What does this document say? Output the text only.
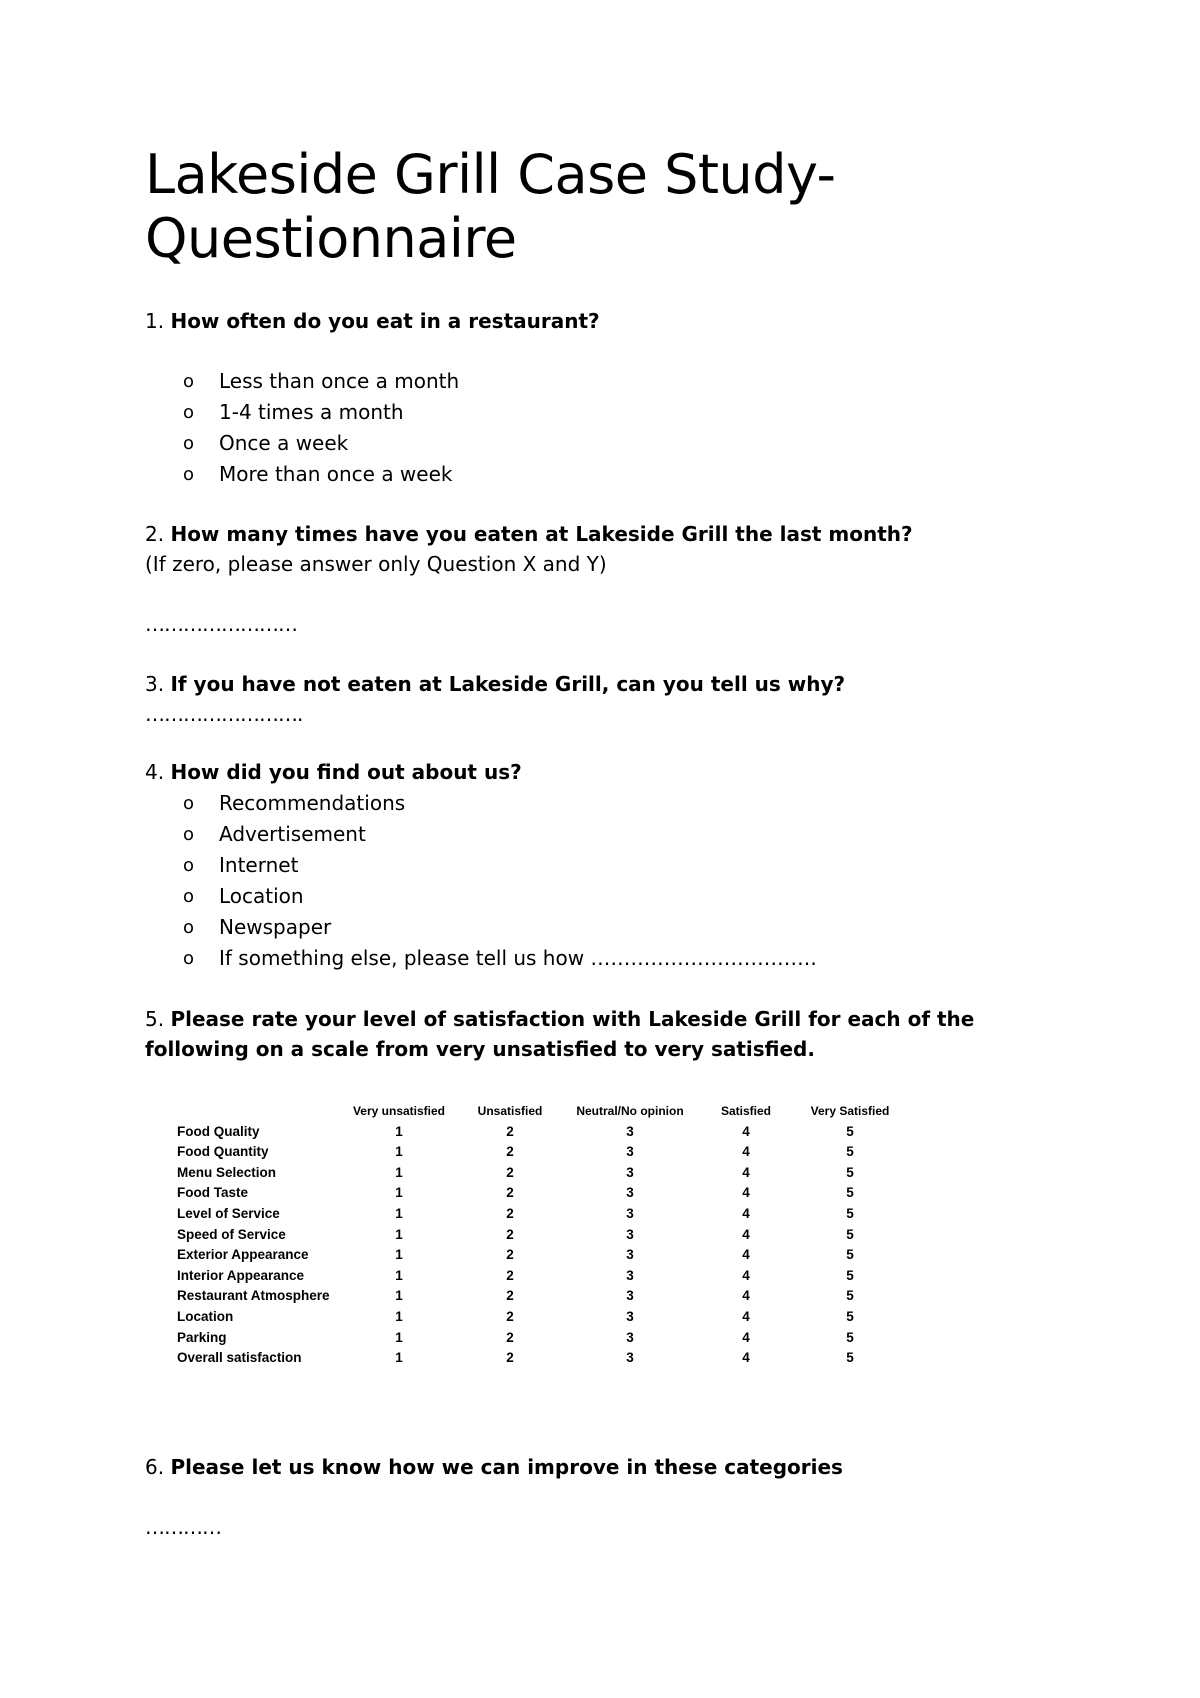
Lakeside Grill Case Study-Questionnaire
1. How often do you eat in a restaurant?
o Less than once a month
o 1-4 times a month
o Once a week
o More than once a week
2. How many times have you eaten at Lakeside Grill the last month?
(If zero, please answer only Question X and Y)
……………………
3. If you have not eaten at Lakeside Grill, can you tell us why?
…………………….
4. How did you find out about us?
o Recommendations
o Advertisement
o Internet
o Location
o Newspaper
o If something else, please tell us how …………………………….
5. Please rate your level of satisfaction with Lakeside Grill for each of the following on a scale from very unsatisfied to very satisfied.
	Very unsatisfied	Unsatisfied	Neutral/No opinion	Satisfied	Very Satisfied
Food Quality	1	2	3	4	5
Food Quantity	1	2	3	4	5
Menu Selection	1	2	3	4	5
Food Taste	1	2	3	4	5
Level of Service	1	2	3	4	5
Speed of Service	1	2	3	4	5
Exterior Appearance	1	2	3	4	5
Interior Appearance	1	2	3	4	5
Restaurant Atmosphere	1	2	3	4	5
Location	1	2	3	4	5
Parking	1	2	3	4	5
Overall satisfaction	1	2	3	4	5
6. Please let us know how we can improve in these categories
…………
